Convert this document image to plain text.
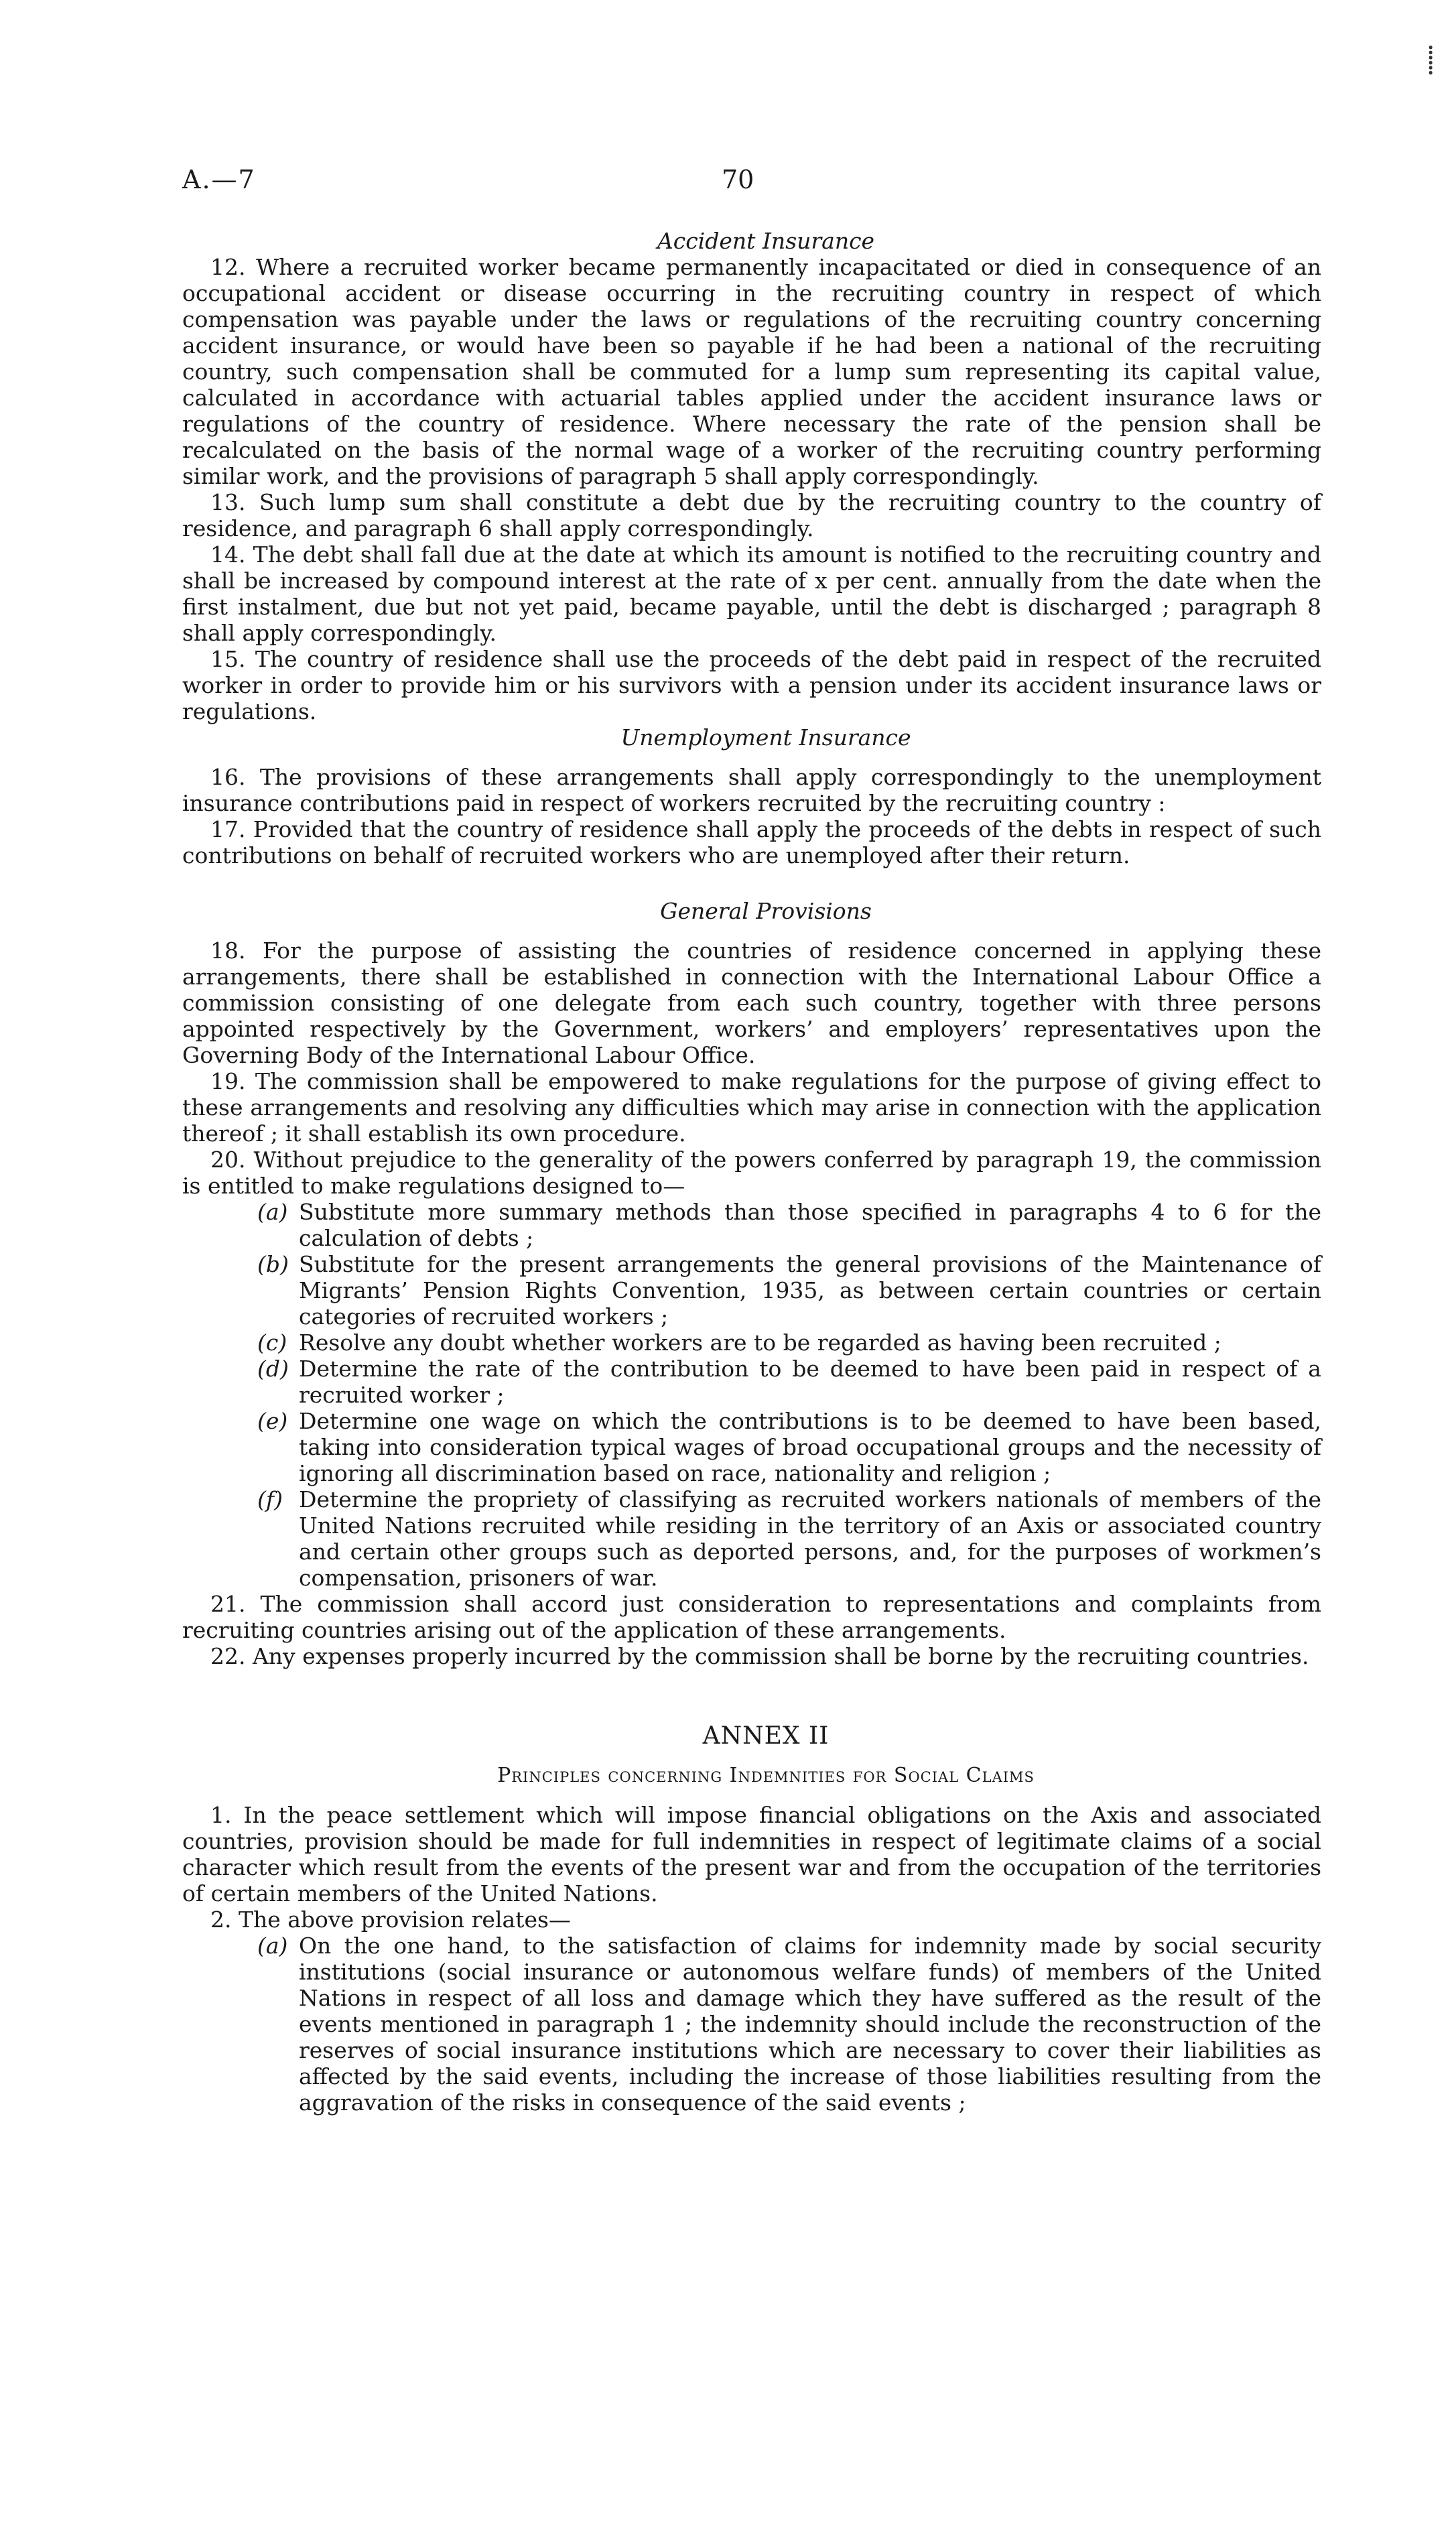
A.—7	70
⸽

Accident Insurance

12. Where a recruited worker became permanently incapacitated or died in consequence of an occupational accident or disease occurring in the recruiting country in respect of which compensation was payable under the laws or regulations of the recruiting country concerning accident insurance, or would have been so payable if he had been a national of the recruiting country, such compensation shall be commuted for a lump sum representing its capital value, calculated in accordance with actuarial tables applied under the accident insurance laws or regulations of the country of residence. Where necessary the rate of the pension shall be recalculated on the basis of the normal wage of a worker of the recruiting country performing similar work, and the provisions of paragraph 5 shall apply correspondingly.

13. Such lump sum shall constitute a debt due by the recruiting country to the country of residence, and paragraph 6 shall apply correspondingly.

14. The debt shall fall due at the date at which its amount is notified to the recruiting country and shall be increased by compound interest at the rate of x per cent. annually from the date when the first instalment, due but not yet paid, became payable, until the debt is discharged ; paragraph 8 shall apply correspondingly.

15. The country of residence shall use the proceeds of the debt paid in respect of the recruited worker in order to provide him or his survivors with a pension under its accident insurance laws or regulations.

Unemployment Insurance

16. The provisions of these arrangements shall apply correspondingly to the unemployment insurance contributions paid in respect of workers recruited by the recruiting country :

17. Provided that the country of residence shall apply the proceeds of the debts in respect of such contributions on behalf of recruited workers who are unemployed after their return.

General Provisions

18. For the purpose of assisting the countries of residence concerned in applying these arrangements, there shall be established in connection with the International Labour Office a commission consisting of one delegate from each such country, together with three persons appointed respectively by the Government, workers’ and employers’ representatives upon the Governing Body of the International Labour Office.

19. The commission shall be empowered to make regulations for the purpose of giving effect to these arrangements and resolving any difficulties which may arise in connection with the application thereof ; it shall establish its own procedure.

20. Without prejudice to the generality of the powers conferred by paragraph 19, the commission is entitled to make regulations designed to—

(a) Substitute more summary methods than those specified in paragraphs 4 to 6 for the calculation of debts ;
(b) Substitute for the present arrangements the general provisions of the Maintenance of Migrants’ Pension Rights Convention, 1935, as between certain countries or certain categories of recruited workers ;
(c) Resolve any doubt whether workers are to be regarded as having been recruited ;
(d) Determine the rate of the contribution to be deemed to have been paid in respect of a recruited worker ;
(e) Determine one wage on which the contributions is to be deemed to have been based, taking into consideration typical wages of broad occupational groups and the necessity of ignoring all discrimination based on race, nationality and religion ;
(f) Determine the propriety of classifying as recruited workers nationals of members of the United Nations recruited while residing in the territory of an Axis or associated country and certain other groups such as deported persons, and, for the purposes of workmen’s compensation, prisoners of war.

21. The commission shall accord just consideration to representations and complaints from recruiting countries arising out of the application of these arrangements.

22. Any expenses properly incurred by the commission shall be borne by the recruiting countries.

ANNEX II

Principles concerning Indemnities for Social Claims

1. In the peace settlement which will impose financial obligations on the Axis and associated countries, provision should be made for full indemnities in respect of legitimate claims of a social character which result from the events of the present war and from the occupation of the territories of certain members of the United Nations.

2. The above provision relates—

(a) On the one hand, to the satisfaction of claims for indemnity made by social security institutions (social insurance or autonomous welfare funds) of members of the United Nations in respect of all loss and damage which they have suffered as the result of the events mentioned in paragraph 1 ; the indemnity should include the reconstruction of the reserves of social insurance institutions which are necessary to cover their liabilities as affected by the said events, including the increase of those liabilities resulting from the aggravation of the risks in consequence of the said events ;
